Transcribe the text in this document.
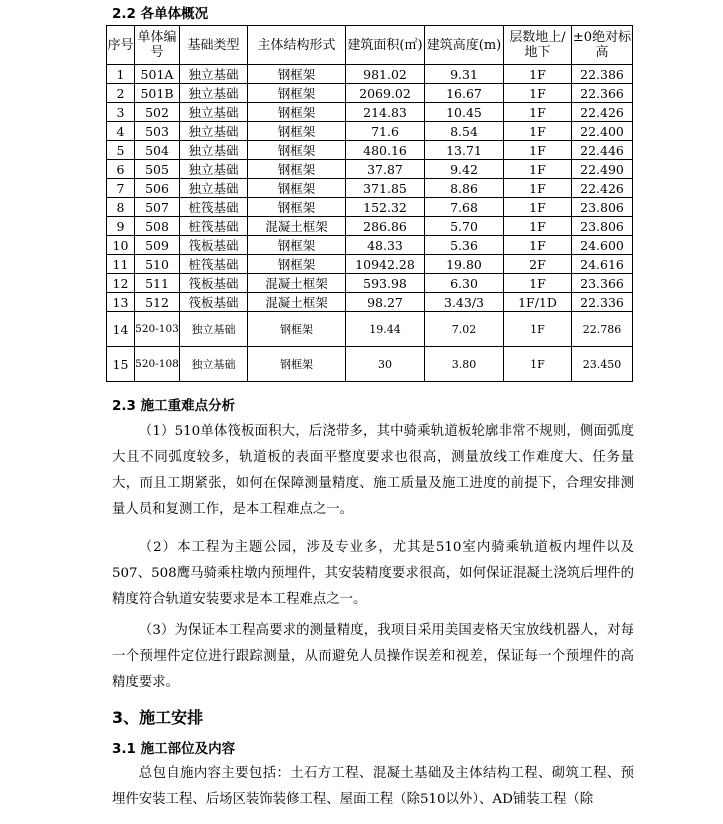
2.2 各单体概况
序号	单体编号	基础类型	主体结构形式	建筑面积(㎡)	建筑高度(m)	层数地上/地下	±0绝对标高
1	501A	独立基础	钢框架	981.02	9.31	1F	22.386
2	501B	独立基础	钢框架	2069.02	16.67	1F	22.366
3	502	独立基础	钢框架	214.83	10.45	1F	22.426
4	503	独立基础	钢框架	71.6	8.54	1F	22.400
5	504	独立基础	钢框架	480.16	13.71	1F	22.446
6	505	独立基础	钢框架	37.87	9.42	1F	22.490
7	506	独立基础	钢框架	371.85	8.86	1F	22.426
8	507	桩筏基础	钢框架	152.32	7.68	1F	23.806
9	508	桩筏基础	混凝土框架	286.86	5.70	1F	23.806
10	509	筏板基础	钢框架	48.33	5.36	1F	24.600
11	510	桩筏基础	钢框架	10942.28	19.80	2F	24.616
12	511	筏板基础	混凝土框架	593.98	6.30	1F	23.366
13	512	筏板基础	混凝土框架	98.27	3.43/3	1F/1D	22.336
14	520-103	独立基础	钢框架	19.44	7.02	1F	22.786
15	520-108	独立基础	钢框架	30	3.80	1F	23.450
2.3 施工重难点分析
（1）510单体筏板面积大，后浇带多，其中骑乘轨道板轮廓非常不规则，侧面弧度大且不同弧度较多，轨道板的表面平整度要求也很高，测量放线工作难度大、任务量大，而且工期紧张，如何在保障测量精度、施工质量及施工进度的前提下，合理安排测量人员和复测工作，是本工程难点之一。
（2）本工程为主题公园，涉及专业多，尤其是510室内骑乘轨道板内埋件以及507、508鹰马骑乘柱墩内预埋件，其安装精度要求很高，如何保证混凝土浇筑后埋件的精度符合轨道安装要求是本工程难点之一。
（3）为保证本工程高要求的测量精度，我项目采用美国麦格天宝放线机器人，对每一个预埋件定位进行跟踪测量，从而避免人员操作误差和视差，保证每一个预埋件的高精度要求。
3、施工安排
3.1 施工部位及内容
总包自施内容主要包括：土石方工程、混凝土基础及主体结构工程、砌筑工程、预埋件安装工程、后场区装饰装修工程、屋面工程（除510以外）、AD铺装工程（除
